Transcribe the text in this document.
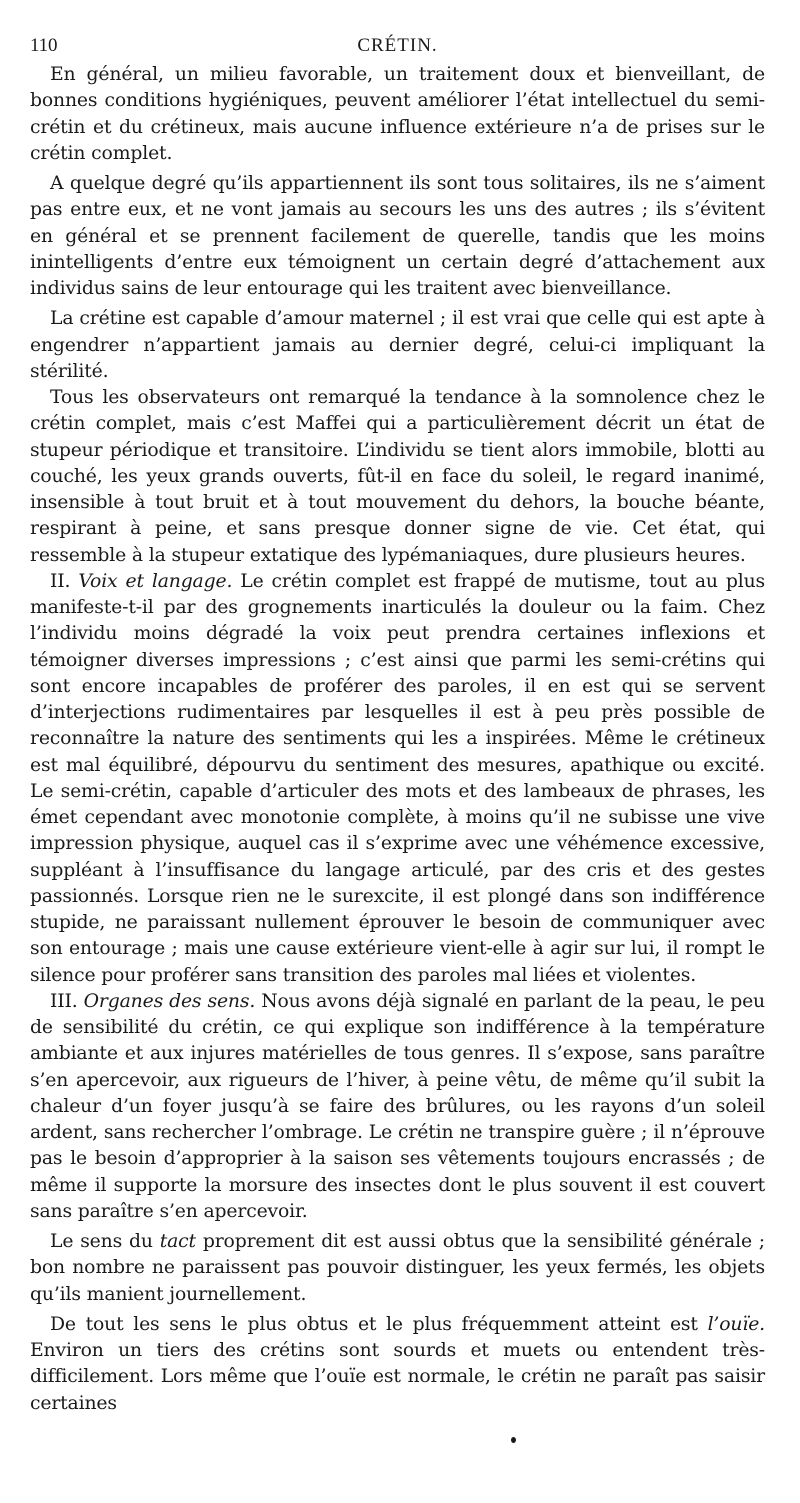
110	CRÉTIN.

En général, un milieu favorable, un traitement doux et bienveillant, de bonnes conditions hygiéniques, peuvent améliorer l’état intellectuel du semi-crétin et du crétineux, mais aucune influence extérieure n’a de prises sur le crétin complet.

A quelque degré qu’ils appartiennent ils sont tous solitaires, ils ne s’aiment pas entre eux, et ne vont jamais au secours les uns des autres ; ils s’évitent en général et se prennent facilement de querelle, tandis que les moins inintelligents d’entre eux témoignent un certain degré d’attachement aux individus sains de leur entourage qui les traitent avec bienveillance.

La crétine est capable d’amour maternel ; il est vrai que celle qui est apte à engendrer n’appartient jamais au dernier degré, celui-ci impliquant la stérilité.

Tous les observateurs ont remarqué la tendance à la somnolence chez le crétin complet, mais c’est Maffei qui a particulièrement décrit un état de stupeur périodique et transitoire. L’individu se tient alors immobile, blotti au couché, les yeux grands ouverts, fût-il en face du soleil, le regard inanimé, insensible à tout bruit et à tout mouvement du dehors, la bouche béante, respirant à peine, et sans presque donner signe de vie. Cet état, qui ressemble à la stupeur extatique des lypémaniaques, dure plusieurs heures.

II. Voix et langage. Le crétin complet est frappé de mutisme, tout au plus manifeste-t-il par des grognements inarticulés la douleur ou la faim. Chez l’individu moins dégradé la voix peut prendra certaines inflexions et témoigner diverses impressions ; c’est ainsi que parmi les semi-crétins qui sont encore incapables de proférer des paroles, il en est qui se servent d’interjections rudimentaires par lesquelles il est à peu près possible de reconnaître la nature des sentiments qui les a inspirées. Même le crétineux est mal équilibré, dépourvu du sentiment des mesures, apathique ou excité. Le semi-crétin, capable d’articuler des mots et des lambeaux de phrases, les émet cependant avec monotonie complète, à moins qu’il ne subisse une vive impression physique, auquel cas il s’exprime avec une véhémence excessive, suppléant à l’insuffisance du langage articulé, par des cris et des gestes passionnés. Lorsque rien ne le surexcite, il est plongé dans son indifférence stupide, ne paraissant nullement éprouver le besoin de communiquer avec son entourage ; mais une cause extérieure vient-elle à agir sur lui, il rompt le silence pour proférer sans transition des paroles mal liées et violentes.

III. Organes des sens. Nous avons déjà signalé en parlant de la peau, le peu de sensibilité du crétin, ce qui explique son indifférence à la température ambiante et aux injures matérielles de tous genres. Il s’expose, sans paraître s’en apercevoir, aux rigueurs de l’hiver, à peine vêtu, de même qu’il subit la chaleur d’un foyer jusqu’à se faire des brûlures, ou les rayons d’un soleil ardent, sans rechercher l’ombrage. Le crétin ne transpire guère ; il n’éprouve pas le besoin d’approprier à la saison ses vêtements toujours encrassés ; de même il supporte la morsure des insectes dont le plus souvent il est couvert sans paraître s’en apercevoir.

Le sens du tact proprement dit est aussi obtus que la sensibilité générale ; bon nombre ne paraissent pas pouvoir distinguer, les yeux fermés, les objets qu’ils manient journellement.

De tout les sens le plus obtus et le plus fréquemment atteint est l’ouïe. Environ un tiers des crétins sont sourds et muets ou entendent très-difficilement. Lors même que l’ouïe est normale, le crétin ne paraît pas saisir certaines
